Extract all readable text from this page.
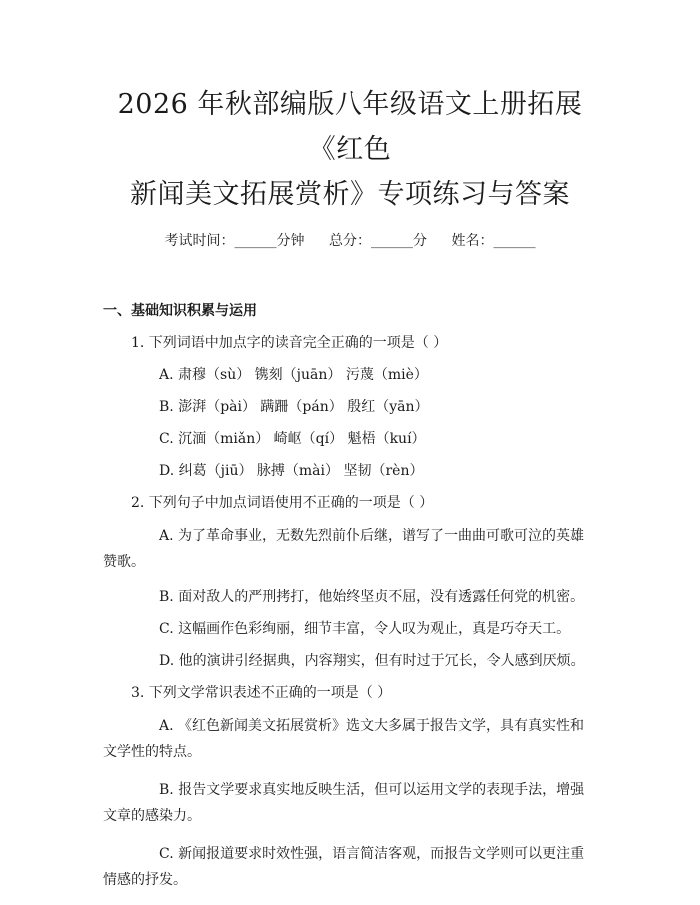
2026 年秋部编版八年级语文上册拓展《红色
新闻美文拓展赏析》专项练习与答案
考试时间：______分钟 总分：______分 姓名：______
一、基础知识积累与运用
1. 下列词语中加点字的读音完全正确的一项是（ ）
A. 肃穆（sù） 镌刻（juān） 污蔑（miè）
B. 澎湃（pài） 蹒跚（pán） 殷红（yān）
C. 沉湎（miǎn） 崎岖（qí） 魁梧（kuí）
D. 纠葛（jiū） 脉搏（mài） 坚韧（rèn）
2. 下列句子中加点词语使用不正确的一项是（ ）
A. 为了革命事业，无数先烈前仆后继，谱写了一曲曲可歌可泣的英雄赞歌。
B. 面对敌人的严刑拷打，他始终坚贞不屈，没有透露任何党的机密。
C. 这幅画作色彩绚丽，细节丰富，令人叹为观止，真是巧夺天工。
D. 他的演讲引经据典，内容翔实，但有时过于冗长，令人感到厌烦。
3. 下列文学常识表述不正确的一项是（ ）
A. 《红色新闻美文拓展赏析》选文大多属于报告文学，具有真实性和文学性的特点。
B. 报告文学要求真实地反映生活，但可以运用文学的表现手法，增强文章的感染力。
C. 新闻报道要求时效性强，语言简洁客观，而报告文学则可以更注重情感的抒发。
